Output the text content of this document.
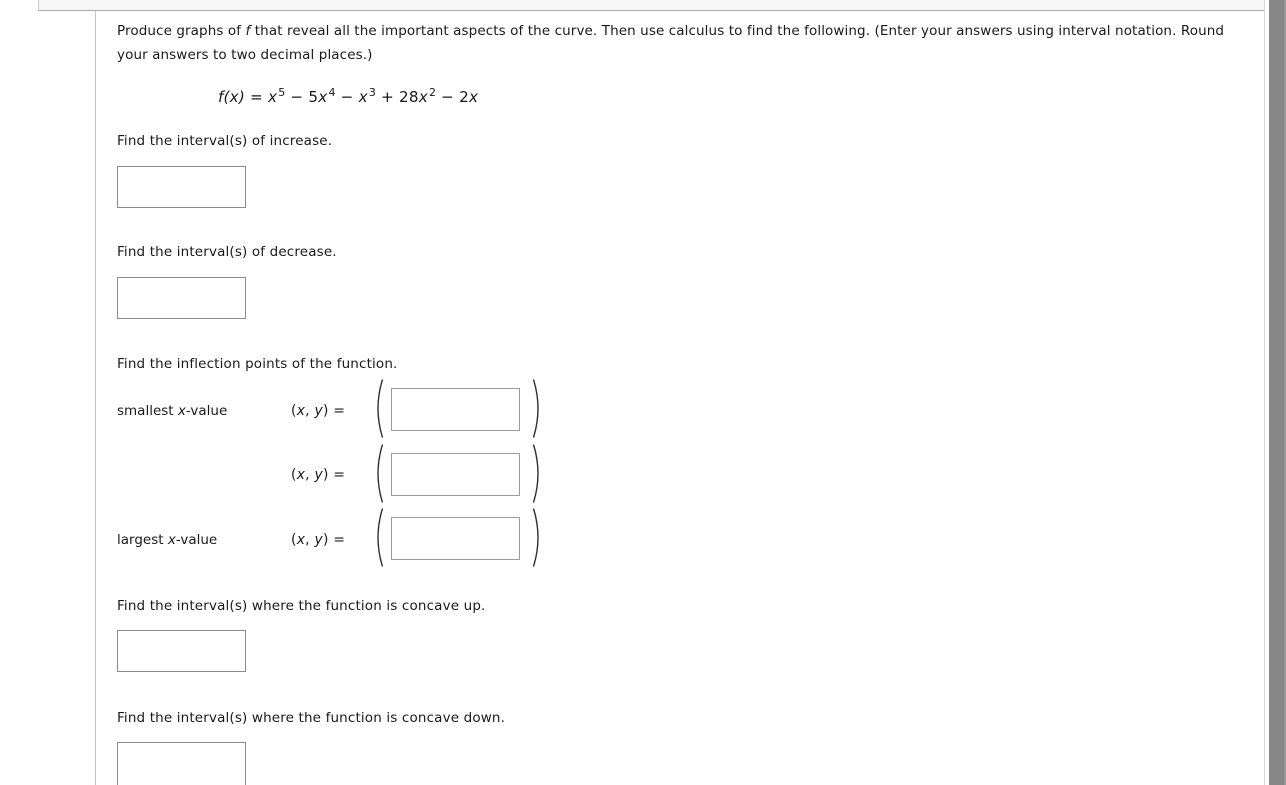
Produce graphs of f that reveal all the important aspects of the curve. Then use calculus to find the following. (Enter your answers using interval notation. Round your answers to two decimal places.)
$f(x) = x^5 - 5x^4 - x^3 + 28x^2 - 2x$
Find the interval(s) of increase.
Find the interval(s) of decrease.
Find the inflection points of the function.
smallest x-value	(x, y) =
(x, y) =
largest x-value	(x, y) =
Find the interval(s) where the function is concave up.
Find the interval(s) where the function is concave down.
